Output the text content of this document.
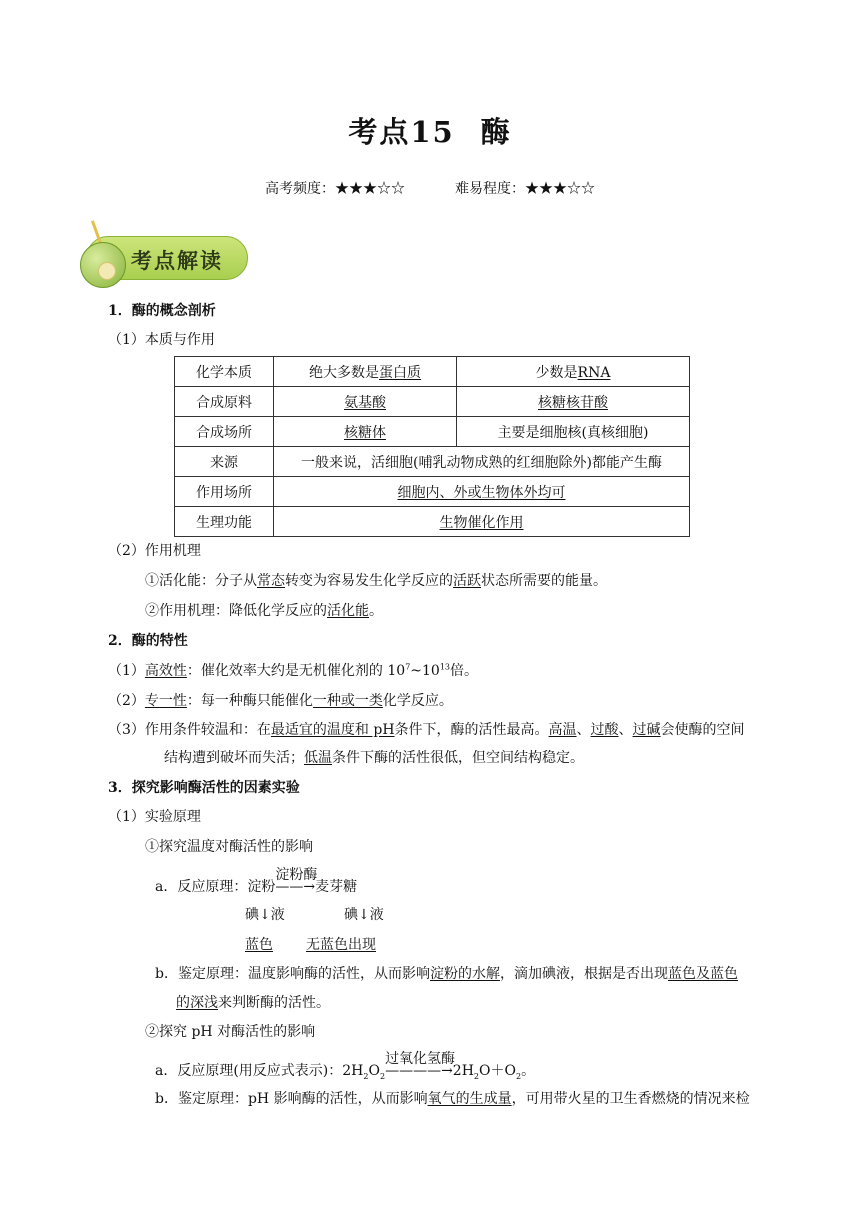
考点15 酶
高考频度：★★★☆☆	难易程度：★★★☆☆
考点解读
1．酶的概念剖析
（1）本质与作用
化学本质	绝大多数是蛋白质	少数是RNA
合成原料	氨基酸	核糖核苷酸
合成场所	核糖体	主要是细胞核(真核细胞)
来源	一般来说，活细胞(哺乳动物成熟的红细胞除外)都能产生酶	
作用场所	细胞内、外或生物体外均可	
生理功能	生物催化作用	
（2）作用机理
①活化能：分子从常态转变为容易发生化学反应的活跃状态所需要的能量。
②作用机理：降低化学反应的活化能。
2．酶的特性
（1）高效性：催化效率大约是无机催化剂的 $10^7\sim 10^{13}$倍。
（2）专一性：每一种酶只能催化一种或一类化学反应。
（3）作用条件较温和：在最适宜的温度和 pH条件下，酶的活性最高。高温、过酸、过碱会使酶的空间
结构遭到破坏而失活；低温条件下酶的活性很低，但空间结构稳定。
3．探究影响酶活性的因素实验
（1）实验原理
①探究温度对酶活性的影响
a．反应原理：淀粉
淀粉酶
——→麦芽糖
碘↓液	碘↓液
蓝色 无蓝色出现
b．鉴定原理：温度影响酶的活性，从而影响淀粉的水解，滴加碘液，根据是否出现蓝色及蓝色
的深浅来判断酶的活性。
②探究 pH 对酶活性的影响
a．反应原理(用反应式表示)：$2H_2O_2$
过氧化氢酶
$————\to 2H_2O+O_2$。
b．鉴定原理：pH 影响酶的活性，从而影响氧气的生成量，可用带火星的卫生香燃烧的情况来检
